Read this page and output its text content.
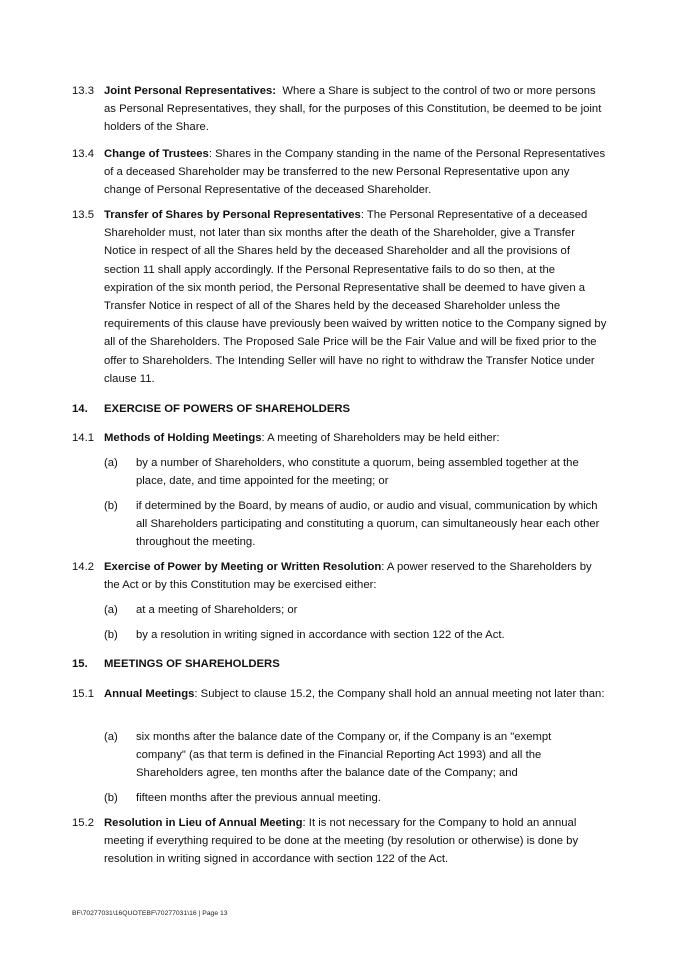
13.3 Joint Personal Representatives: Where a Share is subject to the control of two or more persons as Personal Representatives, they shall, for the purposes of this Constitution, be deemed to be joint holders of the Share.
13.4 Change of Trustees: Shares in the Company standing in the name of the Personal Representatives of a deceased Shareholder may be transferred to the new Personal Representative upon any change of Personal Representative of the deceased Shareholder.
13.5 Transfer of Shares by Personal Representatives: The Personal Representative of a deceased Shareholder must, not later than six months after the death of the Shareholder, give a Transfer Notice in respect of all the Shares held by the deceased Shareholder and all the provisions of section 11 shall apply accordingly. If the Personal Representative fails to do so then, at the expiration of the six month period, the Personal Representative shall be deemed to have given a Transfer Notice in respect of all of the Shares held by the deceased Shareholder unless the requirements of this clause have previously been waived by written notice to the Company signed by all of the Shareholders. The Proposed Sale Price will be the Fair Value and will be fixed prior to the offer to Shareholders. The Intending Seller will have no right to withdraw the Transfer Notice under clause 11.
14. EXERCISE OF POWERS OF SHAREHOLDERS
14.1 Methods of Holding Meetings: A meeting of Shareholders may be held either:
(a)	by a number of Shareholders, who constitute a quorum, being assembled together at the place, date, and time appointed for the meeting; or
(b)	if determined by the Board, by means of audio, or audio and visual, communication by which all Shareholders participating and constituting a quorum, can simultaneously hear each other throughout the meeting.
14.2 Exercise of Power by Meeting or Written Resolution: A power reserved to the Shareholders by the Act or by this Constitution may be exercised either:
(a)	at a meeting of Shareholders; or
(b)	by a resolution in writing signed in accordance with section 122 of the Act.
15. MEETINGS OF SHAREHOLDERS
15.1 Annual Meetings: Subject to clause 15.2, the Company shall hold an annual meeting not later than:
(a)	six months after the balance date of the Company or, if the Company is an "exempt company" (as that term is defined in the Financial Reporting Act 1993) and all the Shareholders agree, ten months after the balance date of the Company; and
(b)	fifteen months after the previous annual meeting.
15.2 Resolution in Lieu of Annual Meeting: It is not necessary for the Company to hold an annual meeting if everything required to be done at the meeting (by resolution or otherwise) is done by resolution in writing signed in accordance with section 122 of the Act.
BF\70277031\16QUOTEBF\70277031\16 | Page 13
